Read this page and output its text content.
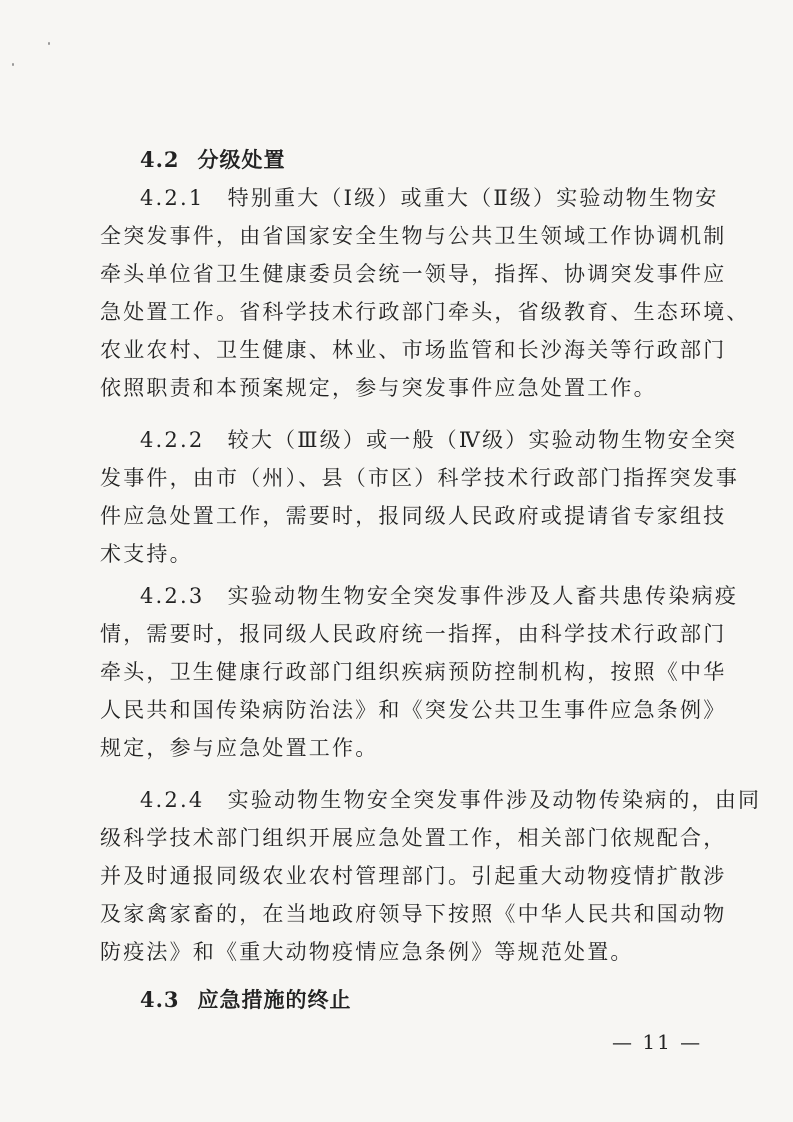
4.2 分级处置
4.2.1　特别重大（Ⅰ级）或重大（Ⅱ级）实验动物生物安
全突发事件，由省国家安全生物与公共卫生领域工作协调机制
牵头单位省卫生健康委员会统一领导，指挥、协调突发事件应
急处置工作。省科学技术行政部门牵头，省级教育、生态环境、
农业农村、卫生健康、林业、市场监管和长沙海关等行政部门
依照职责和本预案规定，参与突发事件应急处置工作。
4.2.2　较大（Ⅲ级）或一般（Ⅳ级）实验动物生物安全突
发事件，由市（州）、县（市区）科学技术行政部门指挥突发事
件应急处置工作，需要时，报同级人民政府或提请省专家组技
术支持。
4.2.3　实验动物生物安全突发事件涉及人畜共患传染病疫
情，需要时，报同级人民政府统一指挥，由科学技术行政部门
牵头，卫生健康行政部门组织疾病预防控制机构，按照《中华
人民共和国传染病防治法》和《突发公共卫生事件应急条例》
规定，参与应急处置工作。
4.2.4　实验动物生物安全突发事件涉及动物传染病的，由同
级科学技术部门组织开展应急处置工作，相关部门依规配合，
并及时通报同级农业农村管理部门。引起重大动物疫情扩散涉
及家禽家畜的，在当地政府领导下按照《中华人民共和国动物
防疫法》和《重大动物疫情应急条例》等规范处置。
4.3 应急措施的终止
— 11 —
